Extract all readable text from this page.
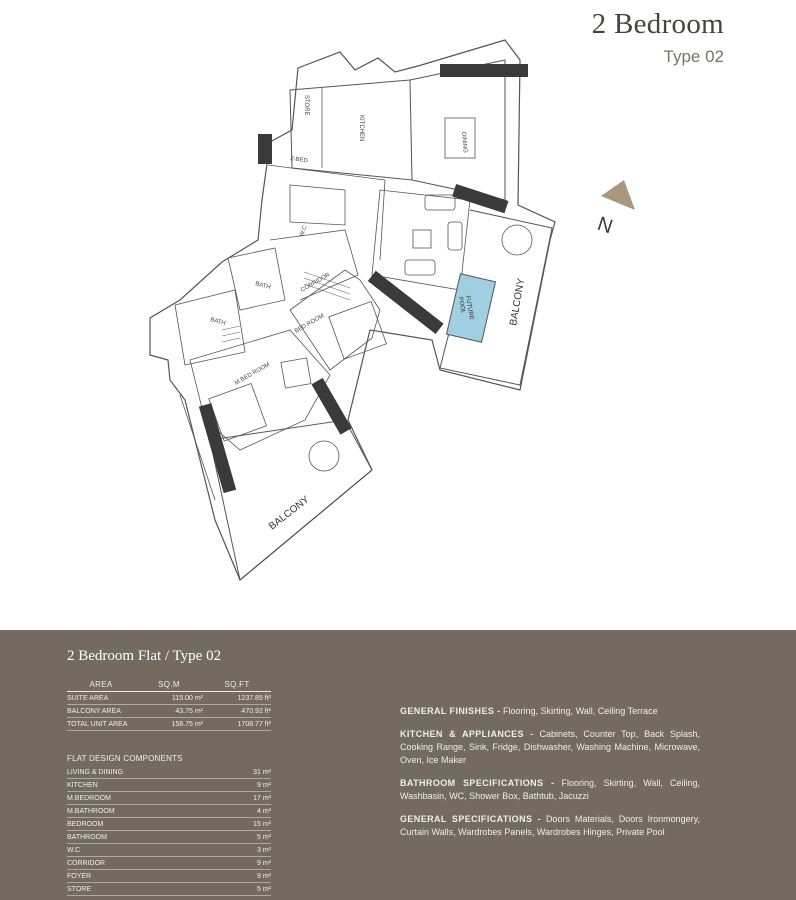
2 Bedroom
Type 02
N
STORE
KITCHEN
DINING
2-BED
CORRIDOR
BATH
BATH
W.C
BED ROOM
M.BED ROOM
FUTUREPOOL	BALCONY
BALCONY
2 Bedroom Flat / Type 02
AREA	SQ.M	SQ.FT
SUITE AREA	115.00 m²	1237.85 ft²
BALCONY AREA	43.75 m²	470.92 ft²
TOTAL UNIT AREA	158.75 m²	1708.77 ft²
FLAT DESIGN COMPONENTS
LIVING & DINING	31 m²
KITCHEN	9 m²
M.BEDROOM	17 m²
M.BATHROOM	4 m²
BEDROOM	15 m²
BATHROOM	5 m²
W.C	3 m²
CORRIDOR	9 m²
FOYER	9 m²
STORE	5 m²

GENERAL FINISHES - Flooring, Skirting, Wall, Ceiling Terrace

KITCHEN & APPLIANCES - Cabinets, Counter Top, Back Splash, Cooking Range, Sink, Fridge, Dishwasher, Washing Machine, Microwave, Oven, Ice Maker

BATHROOM SPECIFICATIONS - Flooring, Skirting, Wall, Ceiling, Washbasin, WC, Shower Box, Bathtub, Jacuzzi

GENERAL SPECIFICATIONS - Doors Materials, Doors Ironmongery, Curtain Walls, Wardrobes Panels, Wardrobes Hinges, Private Pool
